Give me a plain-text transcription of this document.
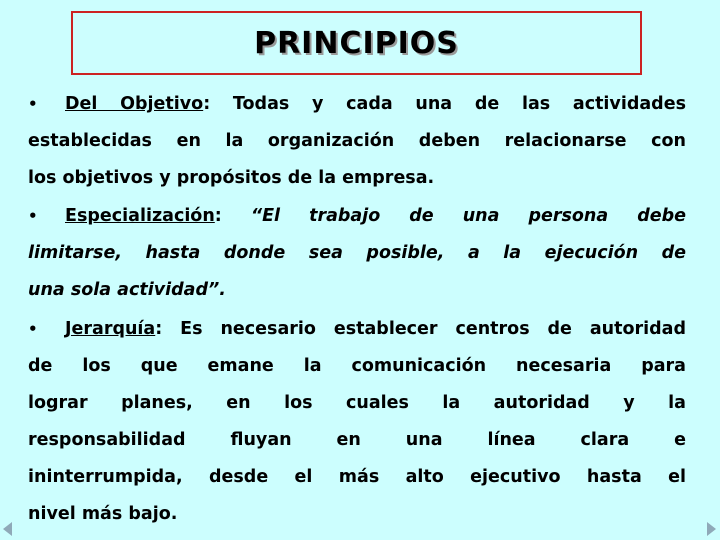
PRINCIPIOS
• Del Objetivo: Todas y cada una de las actividades
establecidas en la organización deben relacionarse con
los objetivos y propósitos de la empresa.
• Especialización: “El trabajo de una persona debe
limitarse, hasta donde sea posible, a la ejecución de
una sola actividad”.
• Jerarquía: Es necesario establecer centros de autoridad
de los que emane la comunicación necesaria para
lograr planes, en los cuales la autoridad y la
responsabilidad fluyan en una línea clara e
ininterrumpida, desde el más alto ejecutivo hasta el
nivel más bajo.
